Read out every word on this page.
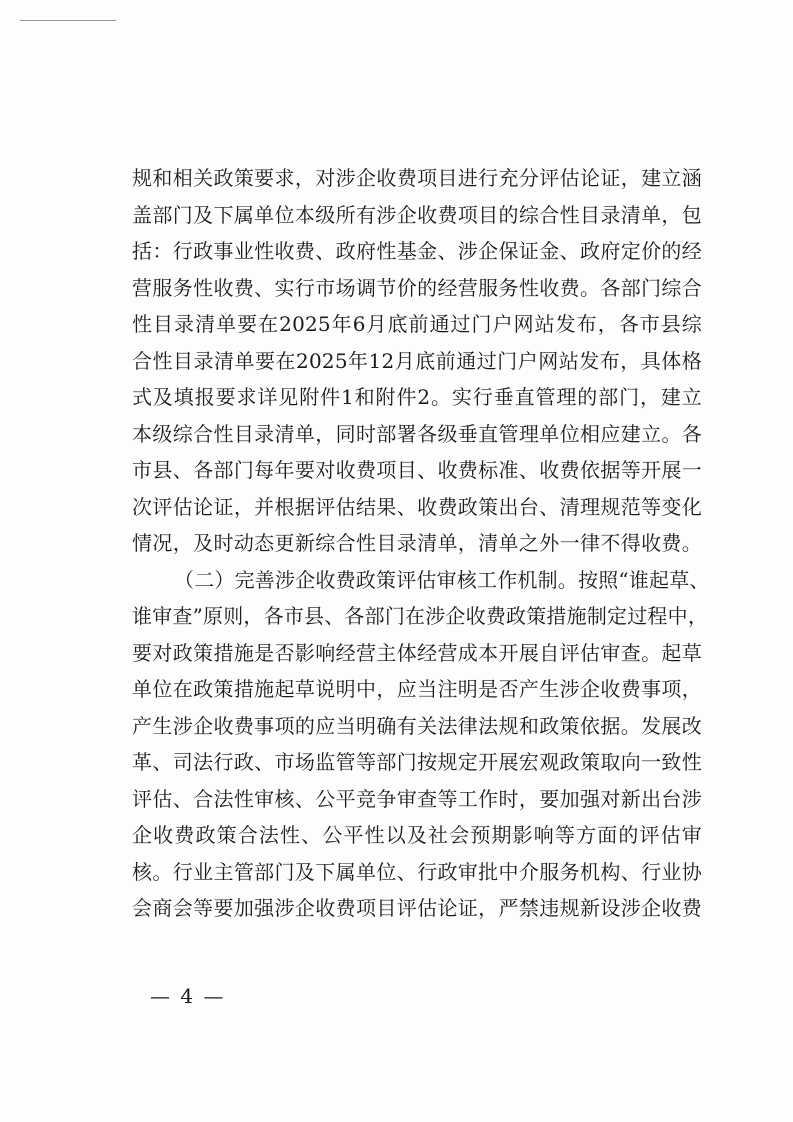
规和相关政策要求，对涉企收费项目进行充分评估论证，建立涵
盖部门及下属单位本级所有涉企收费项目的综合性目录清单，包
括：行政事业性收费、政府性基金、涉企保证金、政府定价的经
营服务性收费、实行市场调节价的经营服务性收费。各部门综合
性目录清单要在2025年6月底前通过门户网站发布，各市县综
合性目录清单要在2025年12月底前通过门户网站发布，具体格
式及填报要求详见附件1和附件2。实行垂直管理的部门，建立
本级综合性目录清单，同时部署各级垂直管理单位相应建立。各
市县、各部门每年要对收费项目、收费标准、收费依据等开展一
次评估论证，并根据评估结果、收费政策出台、清理规范等变化
情况，及时动态更新综合性目录清单，清单之外一律不得收费。
（二）完善涉企收费政策评估审核工作机制。按照“谁起草、
谁审查”原则，各市县、各部门在涉企收费政策措施制定过程中，
要对政策措施是否影响经营主体经营成本开展自评估审查。起草
单位在政策措施起草说明中，应当注明是否产生涉企收费事项，
产生涉企收费事项的应当明确有关法律法规和政策依据。发展改
革、司法行政、市场监管等部门按规定开展宏观政策取向一致性
评估、合法性审核、公平竞争审查等工作时，要加强对新出台涉
企收费政策合法性、公平性以及社会预期影响等方面的评估审
核。行业主管部门及下属单位、行政审批中介服务机构、行业协
会商会等要加强涉企收费项目评估论证，严禁违规新设涉企收费
— 4 —
